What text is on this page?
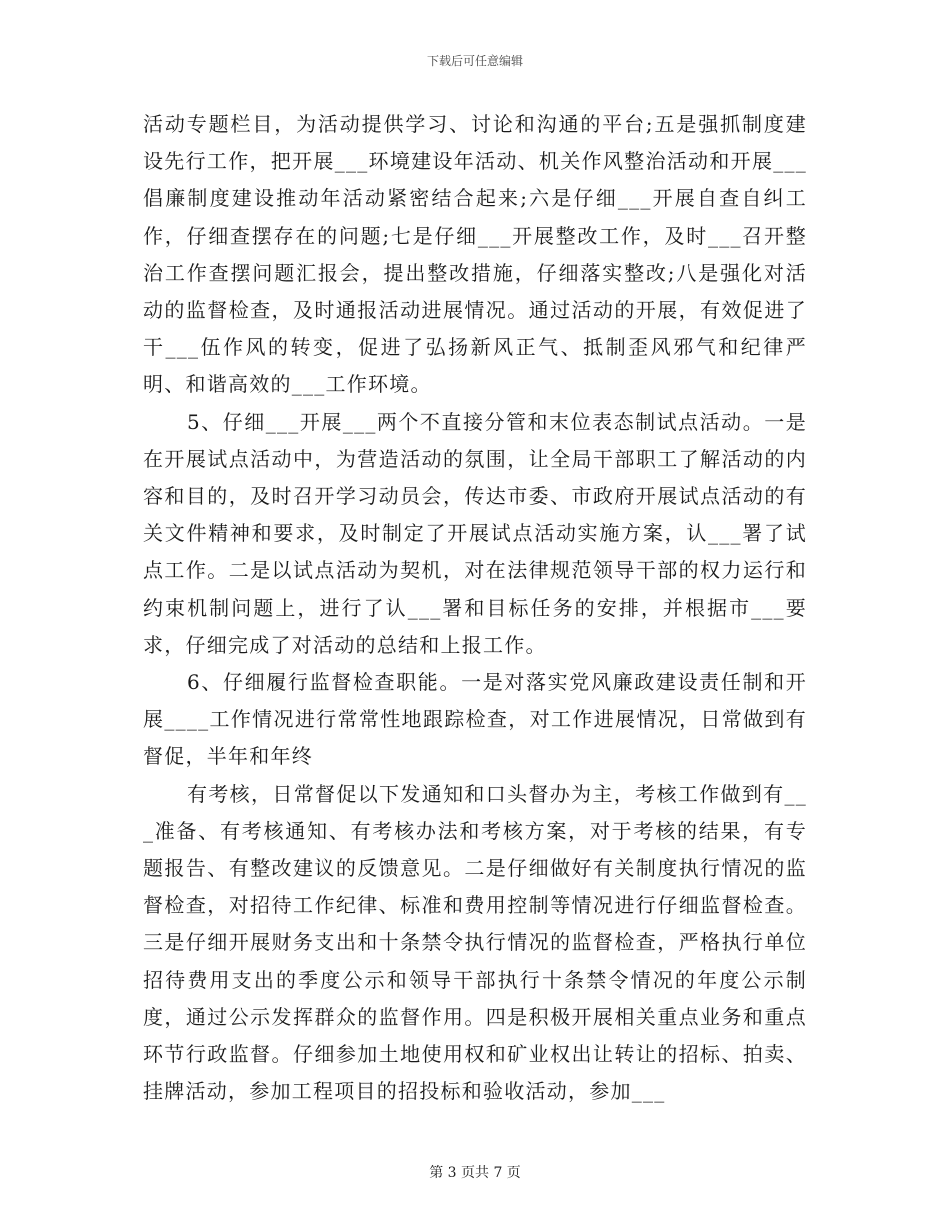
下载后可任意编辑

活动专题栏目，为活动提供学习、讨论和沟通的平台;五是强抓制度建设先行工作，把开展___环境建设年活动、机关作风整治活动和开展___倡廉制度建设推动年活动紧密结合起来;六是仔细___开展自查自纠工作，仔细查摆存在的问题;七是仔细___开展整改工作，及时___召开整治工作查摆问题汇报会，提出整改措施，仔细落实整改;八是强化对活动的监督检查，及时通报活动进展情况。通过活动的开展，有效促进了干___伍作风的转变，促进了弘扬新风正气、抵制歪风邪气和纪律严明、和谐高效的___工作环境。

5、仔细___开展___两个不直接分管和末位表态制试点活动。一是在开展试点活动中，为营造活动的氛围，让全局干部职工了解活动的内容和目的，及时召开学习动员会，传达市委、市政府开展试点活动的有关文件精神和要求，及时制定了开展试点活动实施方案，认___署了试点工作。二是以试点活动为契机，对在法律规范领导干部的权力运行和约束机制问题上，进行了认___署和目标任务的安排，并根据市___要求，仔细完成了对活动的总结和上报工作。

6、仔细履行监督检查职能。一是对落实党风廉政建设责任制和开展____工作情况进行常常性地跟踪检查，对工作进展情况，日常做到有督促，半年和年终

有考核，日常督促以下发通知和口头督办为主，考核工作做到有___准备、有考核通知、有考核办法和考核方案，对于考核的结果，有专题报告、有整改建议的反馈意见。二是仔细做好有关制度执行情况的监督检查，对招待工作纪律、标准和费用控制等情况进行仔细监督检查。三是仔细开展财务支出和十条禁令执行情况的监督检查，严格执行单位招待费用支出的季度公示和领导干部执行十条禁令情况的年度公示制度，通过公示发挥群众的监督作用。四是积极开展相关重点业务和重点环节行政监督。仔细参加土地使用权和矿业权出让转让的招标、拍卖、挂牌活动，参加工程项目的招投标和验收活动，参加___

第 3 页共 7 页
